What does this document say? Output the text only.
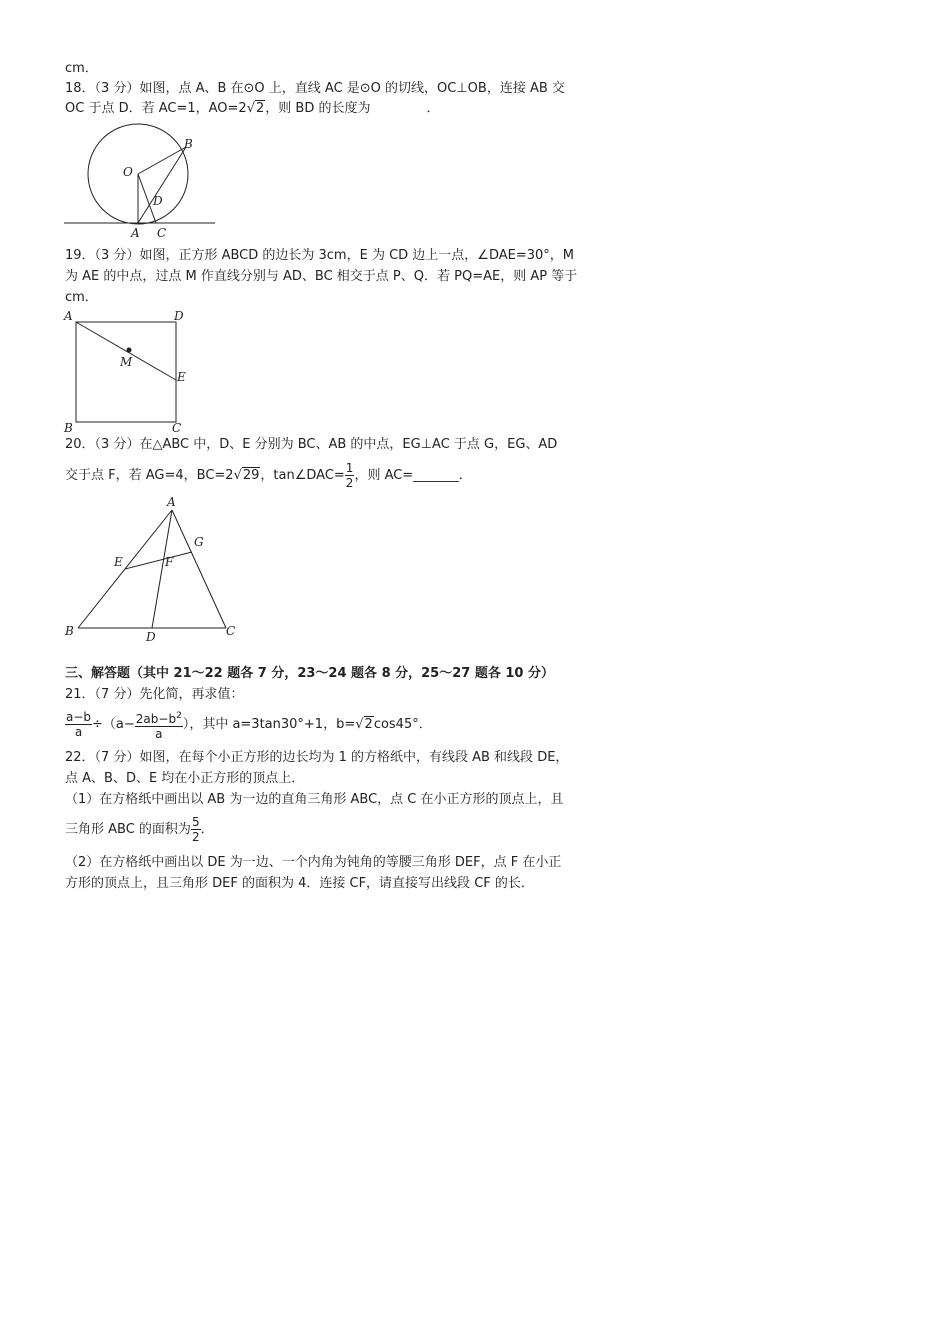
cm．
18．（3 分）如图，点 A、B 在⊙O 上，直线 AC 是⊙O 的切线，OC⊥OB，连接 AB 交
OC 于点 D．若 AC=1，AO=2√2，则 BD 的长度为	．
O
B
D
A C
19．（3 分）如图，正方形 ABCD 的边长为 3cm，E 为 CD 边上一点，∠DAE=30°，M
为 AE 的中点，过点 M 作直线分别与 AD、BC 相交于点 P、Q．若 PQ=AE，则 AP 等于
cm．
A	D
M
E
B	C
20．（3 分）在△ABC 中，D、E 分别为 BC、AB 的中点，EG⊥AC 于点 G，EG、AD
交于点 F，若 AG=4，BC=2√29，tan∠DAC= $\frac{1}{2}$ ，则 AC=_______．
A
G
E	F
B	D	C
三、解答题（其中 21～22 题各 7 分，23～24 题各 8 分，25～27 题各 10 分）
21．（7 分）先化简，再求值：
$\frac{a-b}{a} \div(a- \frac{2ab-b^2}{a}$ ），其中 a=3tan30°+1，b=√2cos45°．
22．（7 分）如图，在每个小正方形的边长均为 1 的方格纸中，有线段 AB 和线段 DE，
点 A、B、D、E 均在小正方形的顶点上．
（1）在方格纸中画出以 AB 为一边的直角三角形 ABC，点 C 在小正方形的顶点上，且
三角形 ABC 的面积为 $\frac{5}{2}$ ．
（2）在方格纸中画出以 DE 为一边、一个内角为钝角的等腰三角形 DEF，点 F 在小正
方形的顶点上，且三角形 DEF 的面积为 4．连接 CF，请直接写出线段 CF 的长．
